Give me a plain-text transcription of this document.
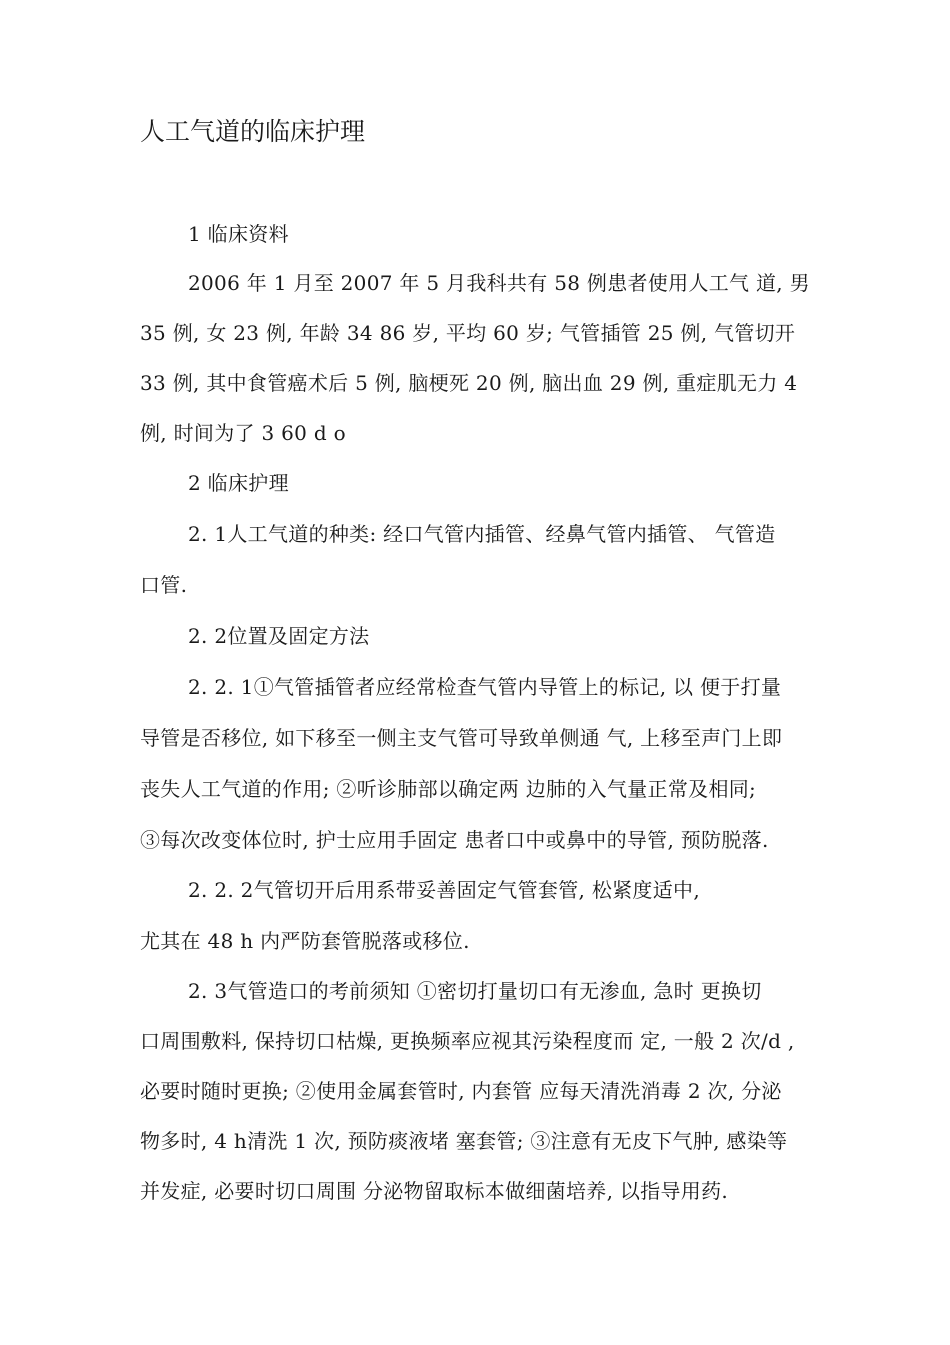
人工气道的临床护理
1 临床资料
2006 年 1 月至 2007 年 5 月我科共有 58 例患者使用人工气 道, 男
35 例, 女 23 例, 年龄 34 86 岁, 平均 60 岁; 气管插管 25 例, 气管切开
33 例, 其中食管癌术后 5 例, 脑梗死 20 例, 脑出血 29 例, 重症肌无力 4
例, 时间为了 3 60 d o
2 临床护理
2. 1人工气道的种类: 经口气管内插管、经鼻气管内插管、 气管造
口管.
2. 2位置及固定方法
2. 2. 1①气管插管者应经常检查气管内导管上的标记, 以 便于打量
导管是否移位, 如下移至一侧主支气管可导致单侧通 气, 上移至声门上即
丧失人工气道的作用; ②听诊肺部以确定两 边肺的入气量正常及相同;
③每次改变体位时, 护士应用手固定 患者口中或鼻中的导管, 预防脱落.
2. 2. 2气管切开后用系带妥善固定气管套管, 松紧度适中,
尤其在 48 h 内严防套管脱落或移位.
2. 3气管造口的考前须知 ①密切打量切口有无渗血, 急时 更换切
口周围敷料, 保持切口枯燥, 更换频率应视其污染程度而 定, 一般 2 次/d ,
必要时随时更换; ②使用金属套管时, 内套管 应每天清洗消毒 2 次, 分泌
物多时, 4 h清洗 1 次, 预防痰液堵 塞套管; ③注意有无皮下气肿, 感染等
并发症, 必要时切口周围 分泌物留取标本做细菌培养, 以指导用药.
